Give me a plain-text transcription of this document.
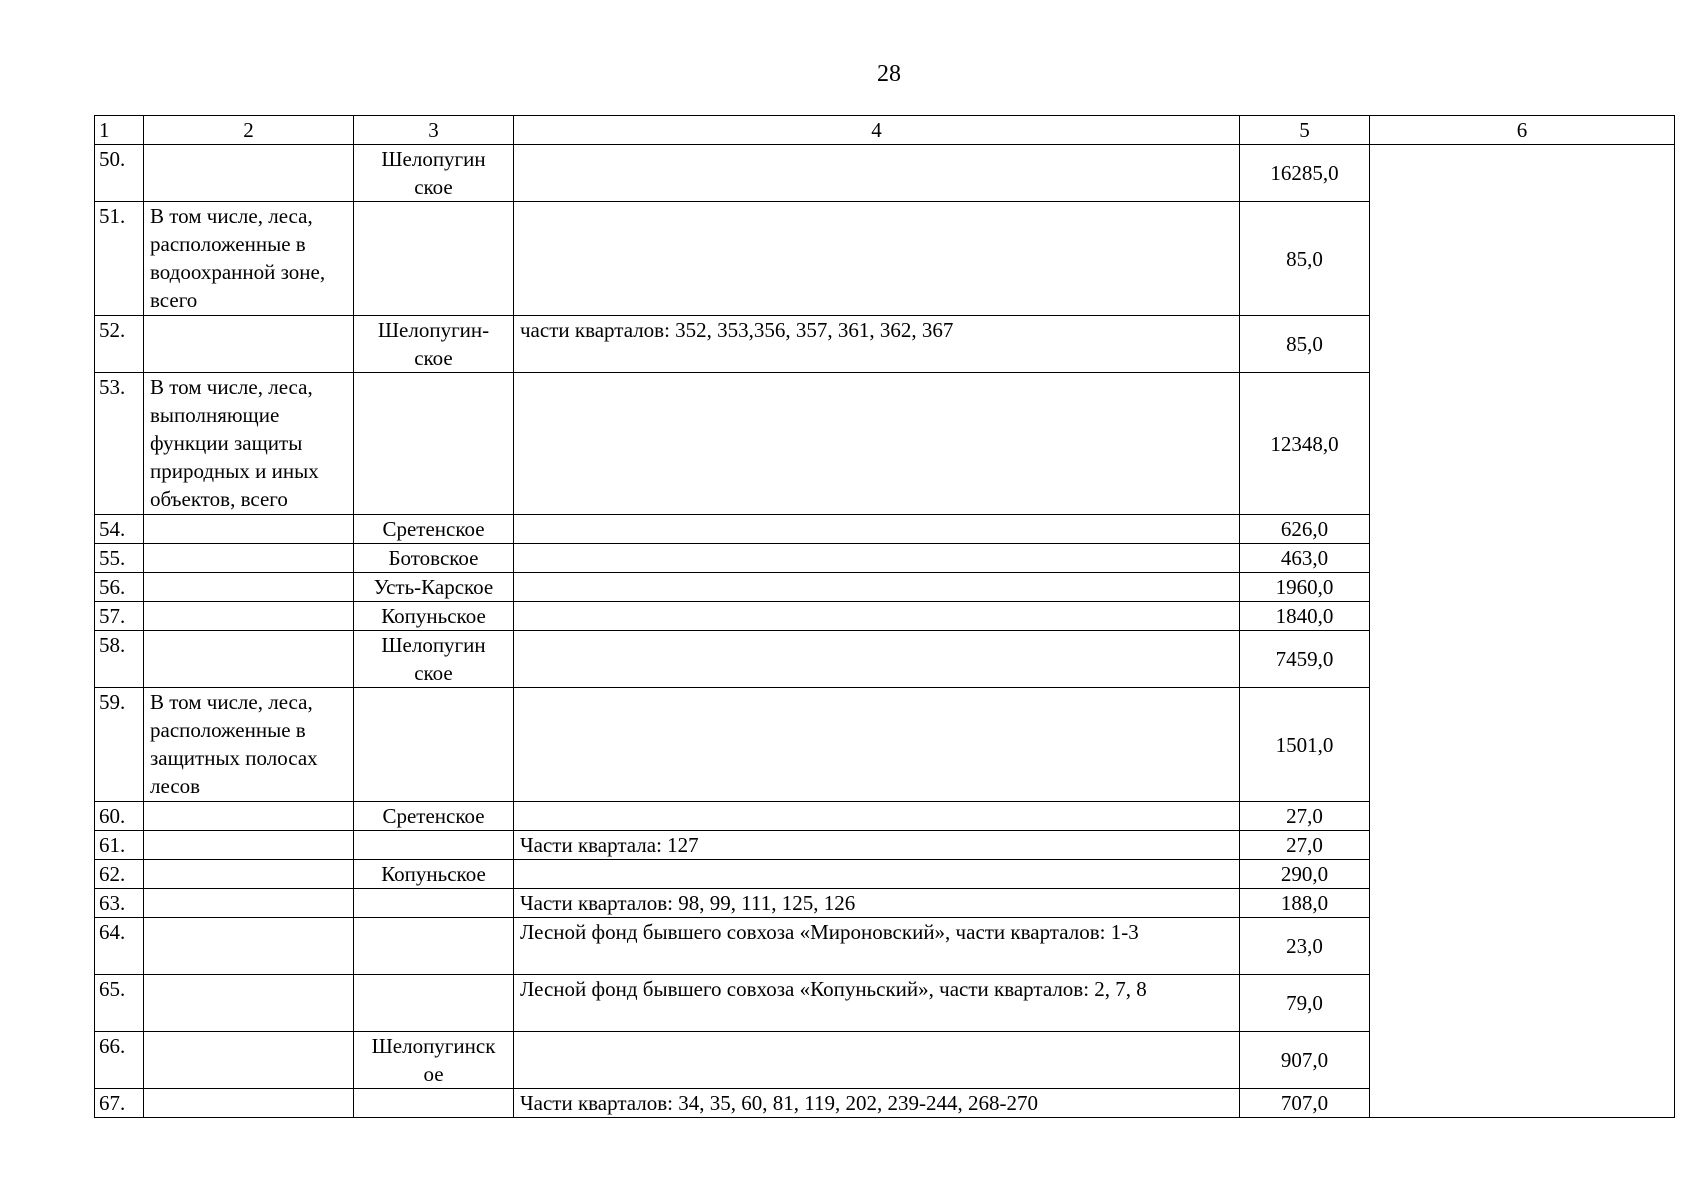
28
1	2	3	4	5	6
50.		Шелопугин ское		16285,0	
51.	В том числе, леса, расположенные в водоохранной зоне, всего			85,0	
52.		Шелопугин- ское	части кварталов: 352, 353,356, 357, 361, 362, 367	85,0	
53.	В том числе, леса, выполняющие функции защиты природных и иных объектов, всего			12348,0	
54.		Сретенское		626,0	
55.		Ботовское		463,0	
56.		Усть-Карское		1960,0	
57.		Копуньское		1840,0	
58.		Шелопугин ское		7459,0	
59.	В том числе, леса, расположенные в защитных полосах лесов			1501,0	
60.		Сретенское		27,0	
61.			Части квартала: 127	27,0	
62.		Копуньское		290,0	
63.			Части кварталов: 98, 99, 111, 125, 126	188,0	
64.			Лесной фонд бывшего совхоза «Мироновский», части кварталов: 1-3	23,0	
65.			Лесной фонд бывшего совхоза «Копуньский», части кварталов: 2, 7, 8	79,0	
66.		Шелопугинск ое		907,0	
67.			Части кварталов: 34, 35, 60, 81, 119, 202, 239-244, 268-270	707,0	
